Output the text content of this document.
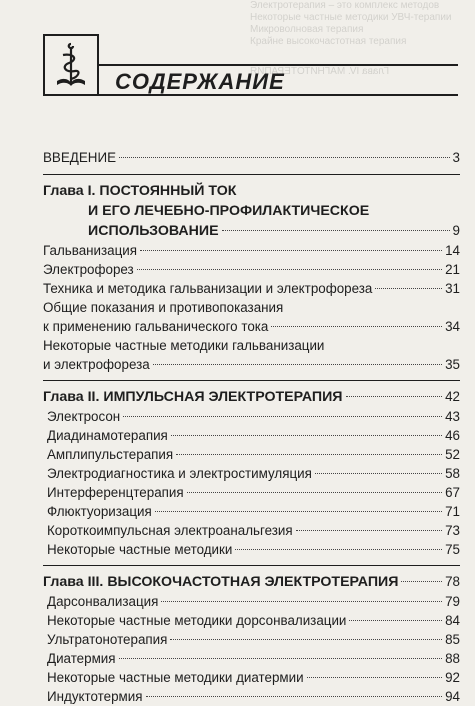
Электротерапия – это комплекс методов
Некоторые частные методики УВЧ-терапии
Микроволновая терапия
Крайне высокочастотная терапия
Глава IV. МАГНИТОТЕРАПИЯ
СОДЕРЖАНИЕ
ВВЕДЕНИЕ	3
Глава I. ПОСТОЯННЫЙ ТОК
И ЕГО ЛЕЧЕБНО-ПРОФИЛАКТИЧЕСКОЕ
ИСПОЛЬЗОВАНИЕ	9
Гальванизация	14
Электрофорез	21
Техника и методика гальванизации и электрофореза	31
Общие показания и противопоказания
к применению гальванического тока	34
Некоторые частные методики гальванизации
и электрофореза	35
Глава II. ИМПУЛЬСНАЯ ЭЛЕКТРОТЕРАПИЯ	42
Электросон	43
Диадинамотерапия	46
Амплипульстерапия	52
Электродиагностика и электростимуляция	58
Интерференцтерапия	67
Флюктуоризация	71
Короткоимпульсная электроанальгезия	73
Некоторые частные методики	75
Глава III. ВЫСОКОЧАСТОТНАЯ ЭЛЕКТРОТЕРАПИЯ	78
Дарсонвализация	79
Некоторые частные методики дорсонвализации	84
Ультратонотерапия	85
Диатермия	88
Некоторые частные методики диатермии	92
Индуктотермия	94
